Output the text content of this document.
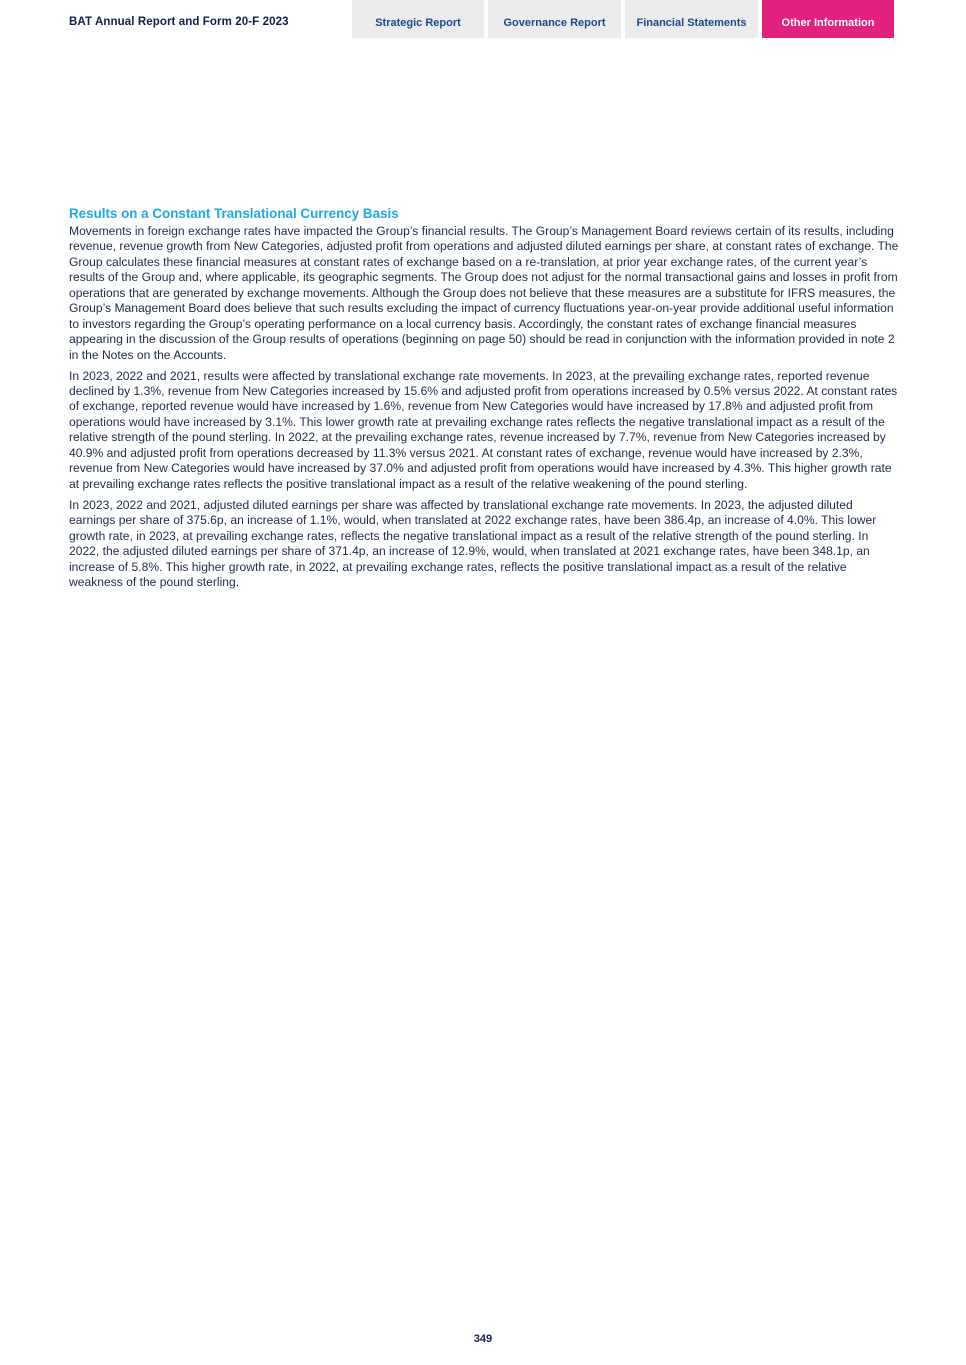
BAT Annual Report and Form 20-F 2023	Strategic Report	Governance Report	Financial Statements	Other Information
Results on a Constant Translational Currency Basis

Movements in foreign exchange rates have impacted the Group’s financial results. The Group’s Management Board reviews certain of its results, including revenue, revenue growth from New Categories, adjusted profit from operations and adjusted diluted earnings per share, at constant rates of exchange. The Group calculates these financial measures at constant rates of exchange based on a re-translation, at prior year exchange rates, of the current year’s results of the Group and, where applicable, its geographic segments. The Group does not adjust for the normal transactional gains and losses in profit from operations that are generated by exchange movements. Although the Group does not believe that these measures are a substitute for IFRS measures, the Group’s Management Board does believe that such results excluding the impact of currency fluctuations year-on-year provide additional useful information to investors regarding the Group’s operating performance on a local currency basis. Accordingly, the constant rates of exchange financial measures appearing in the discussion of the Group results of operations (beginning on page 50) should be read in conjunction with the information provided in note 2 in the Notes on the Accounts.

In 2023, 2022 and 2021, results were affected by translational exchange rate movements. In 2023, at the prevailing exchange rates, reported revenue declined by 1.3%, revenue from New Categories increased by 15.6% and adjusted profit from operations increased by 0.5% versus 2022. At constant rates of exchange, reported revenue would have increased by 1.6%, revenue from New Categories would have increased by 17.8% and adjusted profit from operations would have increased by 3.1%. This lower growth rate at prevailing exchange rates reflects the negative translational impact as a result of the relative strength of the pound sterling. In 2022, at the prevailing exchange rates, revenue increased by 7.7%, revenue from New Categories increased by 40.9% and adjusted profit from operations decreased by 11.3% versus 2021. At constant rates of exchange, revenue would have increased by 2.3%, revenue from New Categories would have increased by 37.0% and adjusted profit from operations would have increased by 4.3%. This higher growth rate at prevailing exchange rates reflects the positive translational impact as a result of the relative weakening of the pound sterling.

In 2023, 2022 and 2021, adjusted diluted earnings per share was affected by translational exchange rate movements. In 2023, the adjusted diluted earnings per share of 375.6p, an increase of 1.1%, would, when translated at 2022 exchange rates, have been 386.4p, an increase of 4.0%. This lower growth rate, in 2023, at prevailing exchange rates, reflects the negative translational impact as a result of the relative strength of the pound sterling. In 2022, the adjusted diluted earnings per share of 371.4p, an increase of 12.9%, would, when translated at 2021 exchange rates, have been 348.1p, an increase of 5.8%. This higher growth rate, in 2022, at prevailing exchange rates, reflects the positive translational impact as a result of the relative weakness of the pound sterling.

349
